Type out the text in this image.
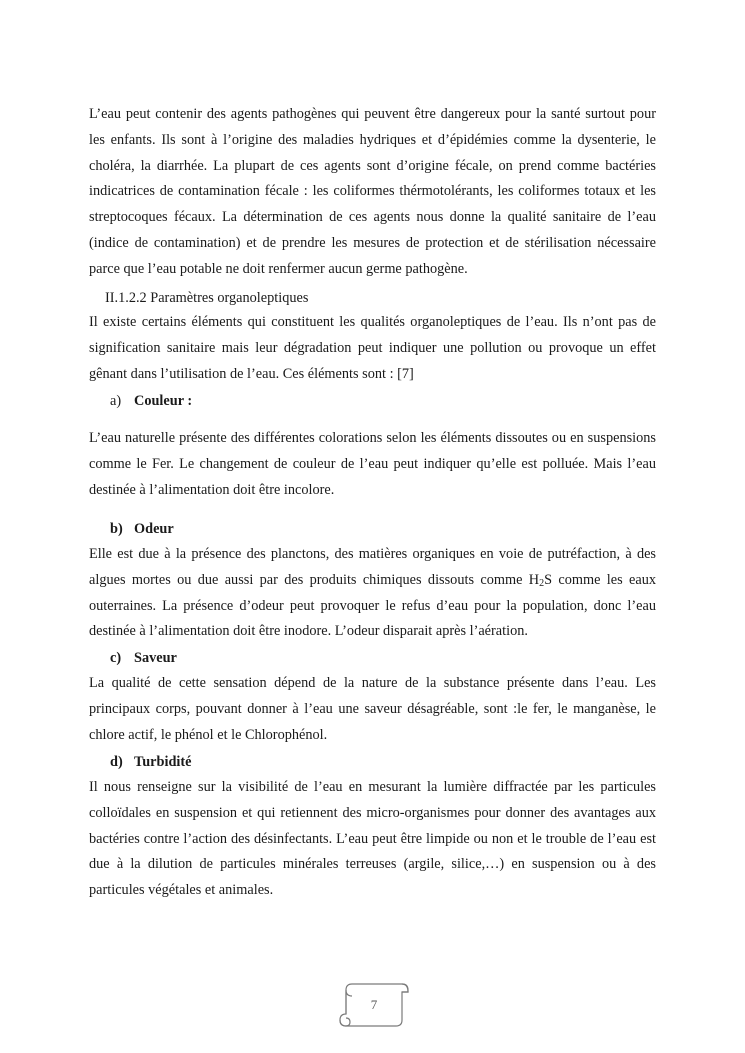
L’eau peut contenir des agents pathogènes qui peuvent être dangereux pour la santé surtout pour les enfants. Ils sont à l’origine des maladies hydriques et d’épidémies comme la dysenterie, le choléra, la diarrhée. La plupart de ces agents sont d’origine fécale, on prend comme bactéries indicatrices de contamination fécale : les coliformes thérmotolérants, les coliformes totaux et les streptocoques fécaux. La détermination de ces agents nous donne la qualité sanitaire de l’eau (indice de contamination) et de prendre les mesures de protection et de stérilisation nécessaire parce que l’eau potable ne doit renfermer aucun germe pathogène.

II.1.2.2 Paramètres organoleptiques

Il existe certains éléments qui constituent les qualités organoleptiques de l’eau. Ils n’ont pas de signification sanitaire mais leur dégradation peut indiquer une pollution ou provoque un effet gênant dans l’utilisation de l’eau. Ces éléments sont : [7]

a) Couleur :

L’eau naturelle présente des différentes colorations selon les éléments dissoutes ou en suspensions comme le Fer. Le changement de couleur de l’eau peut indiquer qu’elle est polluée. Mais l’eau destinée à l’alimentation doit être incolore.

b) Odeur

Elle est due à la présence des planctons, des matières organiques en voie de putréfaction, à des algues mortes ou due aussi par des produits chimiques dissouts comme $H_2S$ comme les eaux outerraines. La présence d’odeur peut provoquer le refus d’eau pour la population, donc l’eau destinée à l’alimentation doit être inodore. L’odeur disparait après l’aération.

c) Saveur

La qualité de cette sensation dépend de la nature de la substance présente dans l’eau. Les principaux corps, pouvant donner à l’eau une saveur désagréable, sont :le fer, le manganèse, le chlore actif, le phénol et le Chlorophénol.

d) Turbidité

Il nous renseigne sur la visibilité de l’eau en mesurant la lumière diffractée par les particules colloïdales en suspension et qui retiennent des micro-organismes pour donner des avantages aux bactéries contre l’action des désinfectants. L’eau peut être limpide ou non et le trouble de l’eau est due à la dilution de particules minérales terreuses (argile, silice,…) en suspension ou à des particules végétales et animales.

7
